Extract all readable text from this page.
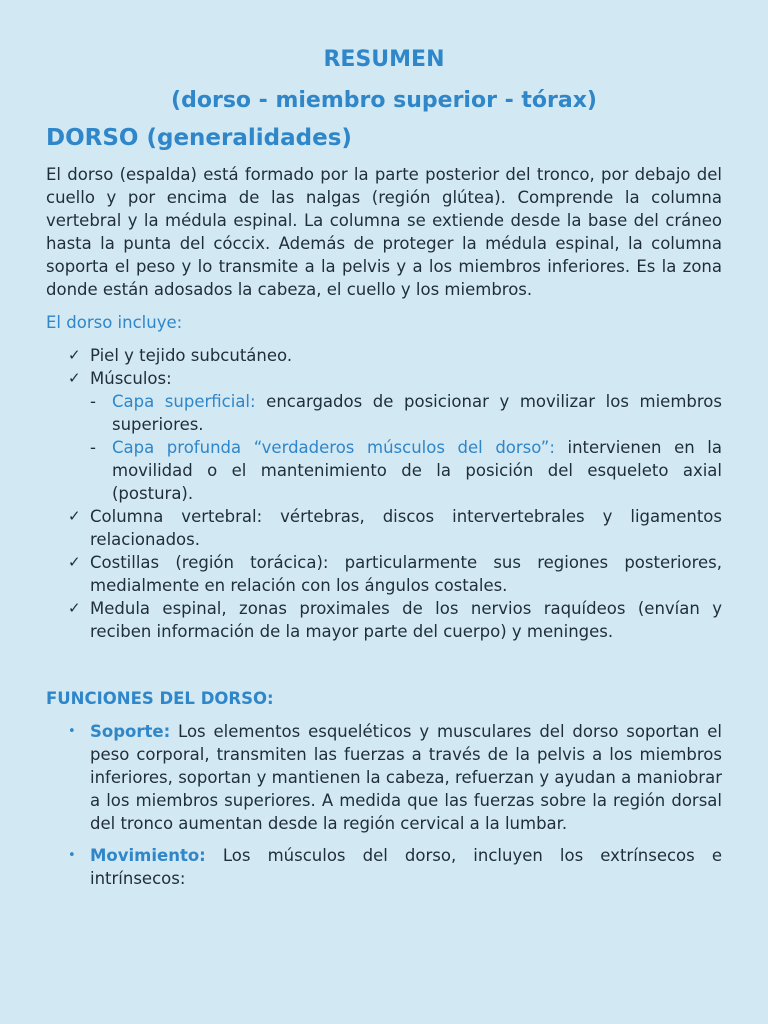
RESUMEN
(dorso - miembro superior - tórax)
DORSO (generalidades)

El dorso (espalda) está formado por la parte posterior del tronco, por debajo del cuello y por encima de las nalgas (región glútea). Comprende la columna vertebral y la médula espinal. La columna se extiende desde la base del cráneo hasta la punta del cóccix. Además de proteger la médula espinal, la columna soporta el peso y lo transmite a la pelvis y a los miembros inferiores. Es la zona donde están adosados la cabeza, el cuello y los miembros.

El dorso incluye:
✓ Piel y tejido subcutáneo.
✓ Músculos:
- Capa superficial: encargados de posicionar y movilizar los miembros superiores.
- Capa profunda “verdaderos músculos del dorso”: intervienen en la movilidad o el mantenimiento de la posición del esqueleto axial (postura).
✓ Columna vertebral: vértebras, discos intervertebrales y ligamentos relacionados.
✓ Costillas (región torácica): particularmente sus regiones posteriores, medialmente en relación con los ángulos costales.
✓ Medula espinal, zonas proximales de los nervios raquídeos (envían y reciben información de la mayor parte del cuerpo) y meninges.
FUNCIONES DEL DORSO:
• Soporte: Los elementos esqueléticos y musculares del dorso soportan el peso corporal, transmiten las fuerzas a través de la pelvis a los miembros inferiores, soportan y mantienen la cabeza, refuerzan y ayudan a maniobrar a los miembros superiores. A medida que las fuerzas sobre la región dorsal del tronco aumentan desde la región cervical a la lumbar.
• Movimiento: Los músculos del dorso, incluyen los extrínsecos e intrínsecos:
